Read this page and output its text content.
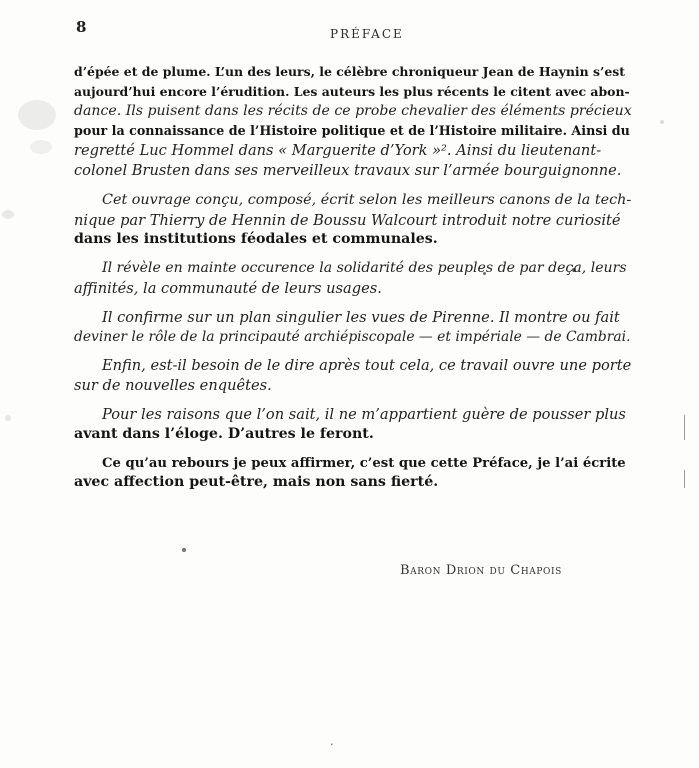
8	PRÉFACE
d’épée et de plume. L’un des leurs, le célèbre chroniqueur Jean de Haynin s’est
aujourd’hui encore l’érudition. Les auteurs les plus récents le citent avec abon-
dance. Ils puisent dans les récits de ce probe chevalier des éléments précieux
pour la connaissance de l’Histoire politique et de l’Histoire militaire. Ainsi du
regretté Luc Hommel dans « Marguerite d’York »². Ainsi du lieutenant-
colonel Brusten dans ses merveilleux travaux sur l’armée bourguignonne.
Cet ouvrage conçu, composé, écrit selon les meilleurs canons de la tech-
nique par Thierry de Hennin de Boussu Walcourt introduit notre curiosité
dans les institutions féodales et communales.
Il révèle en mainte occurence la solidarité des peuples de par deça, leurs
affinités, la communauté de leurs usages.
Il confirme sur un plan singulier les vues de Pirenne. Il montre ou fait
deviner le rôle de la principauté archiépiscopale — et impériale — de Cambrai.
Enfin, est-il besoin de le dire après tout cela, ce travail ouvre une porte
sur de nouvelles enquêtes.
Pour les raisons que l’on sait, il ne m’appartient guère de pousser plus
avant dans l’éloge. D’autres le feront.
Ce qu’au rebours je peux affirmer, c’est que cette Préface, je l’ai écrite
avec affection peut-être, mais non sans fierté.
Baron Drion du Chapois
․
